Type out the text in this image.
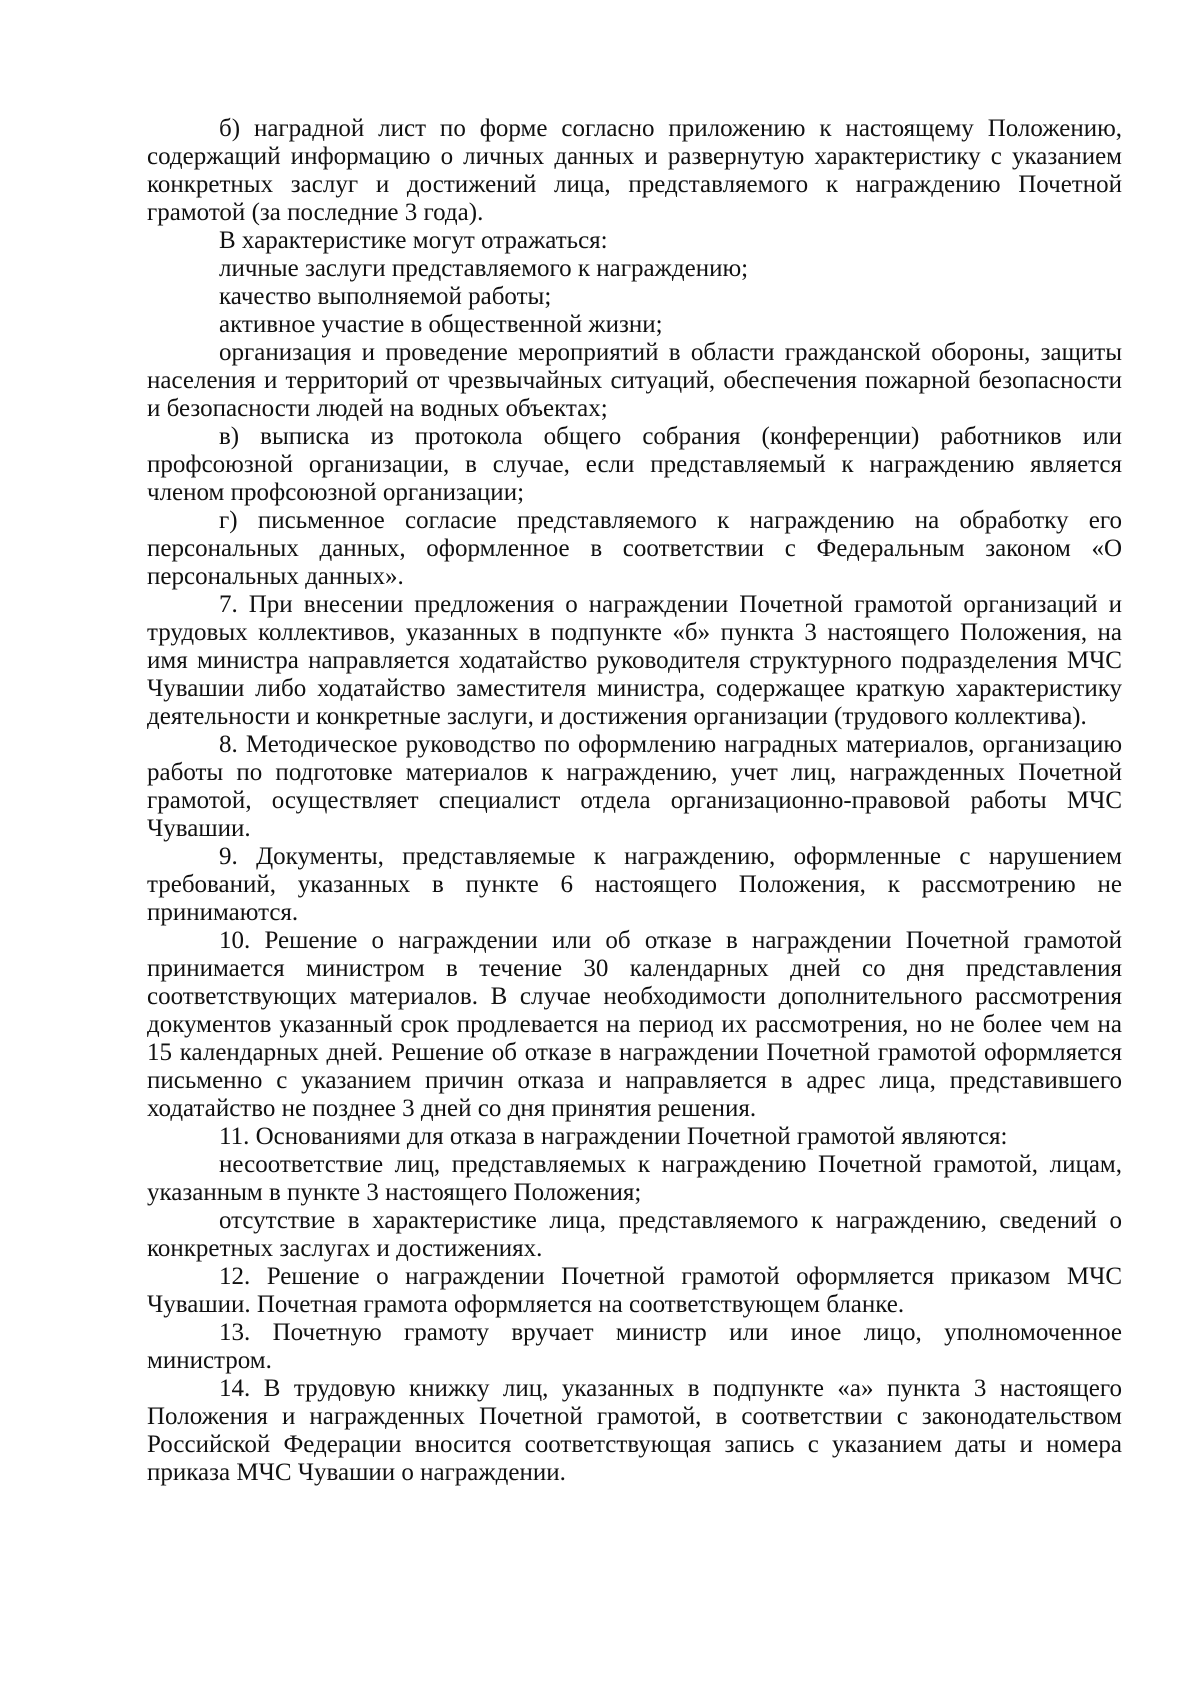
б) наградной лист по форме согласно приложению к настоящему Положению, содержащий информацию о личных данных и развернутую характеристику с указанием конкретных заслуг и достижений лица, представляемого к награждению Почетной грамотой (за последние 3 года).

В характеристике могут отражаться:

личные заслуги представляемого к награждению;

качество выполняемой работы;

активное участие в общественной жизни;

организация и проведение мероприятий в области гражданской обороны, защиты населения и территорий от чрезвычайных ситуаций, обеспечения пожарной безопасности и безопасности людей на водных объектах;

в) выписка из протокола общего собрания (конференции) работников или профсоюзной организации, в случае, если представляемый к награждению является членом профсоюзной организации;

г) письменное согласие представляемого к награждению на обработку его персональных данных, оформленное в соответствии с Федеральным законом «О персональных данных».

7. При внесении предложения о награждении Почетной грамотой организаций и трудовых коллективов, указанных в подпункте «б» пункта 3 настоящего Положения, на имя министра направляется ходатайство руководителя структурного подразделения МЧС Чувашии либо ходатайство заместителя министра, содержащее краткую характеристику деятельности и конкретные заслуги, и достижения организации (трудового коллектива).

8. Методическое руководство по оформлению наградных материалов, организацию работы по подготовке материалов к награждению, учет лиц, награжденных Почетной грамотой, осуществляет специалист отдела организационно-правовой работы МЧС Чувашии.

9. Документы, представляемые к награждению, оформленные с нарушением требований, указанных в пункте 6 настоящего Положения, к рассмотрению не принимаются.

10. Решение о награждении или об отказе в награждении Почетной грамотой принимается министром в течение 30 календарных дней со дня представления соответствующих материалов. В случае необходимости дополнительного рассмотрения документов указанный срок продлевается на период их рассмотрения, но не более чем на 15 календарных дней. Решение об отказе в награждении Почетной грамотой оформляется письменно с указанием причин отказа и направляется в адрес лица, представившего ходатайство не позднее 3 дней со дня принятия решения.

11. Основаниями для отказа в награждении Почетной грамотой являются:

несоответствие лиц, представляемых к награждению Почетной грамотой, лицам, указанным в пункте 3 настоящего Положения;

отсутствие в характеристике лица, представляемого к награждению, сведений о конкретных заслугах и достижениях.

12. Решение о награждении Почетной грамотой оформляется приказом МЧС Чувашии. Почетная грамота оформляется на соответствующем бланке.

13. Почетную грамоту вручает министр или иное лицо, уполномоченное министром.

14. В трудовую книжку лиц, указанных в подпункте «а» пункта 3 настоящего Положения и награжденных Почетной грамотой, в соответствии с законодательством Российской Федерации вносится соответствующая запись с указанием даты и номера приказа МЧС Чувашии о награждении.
